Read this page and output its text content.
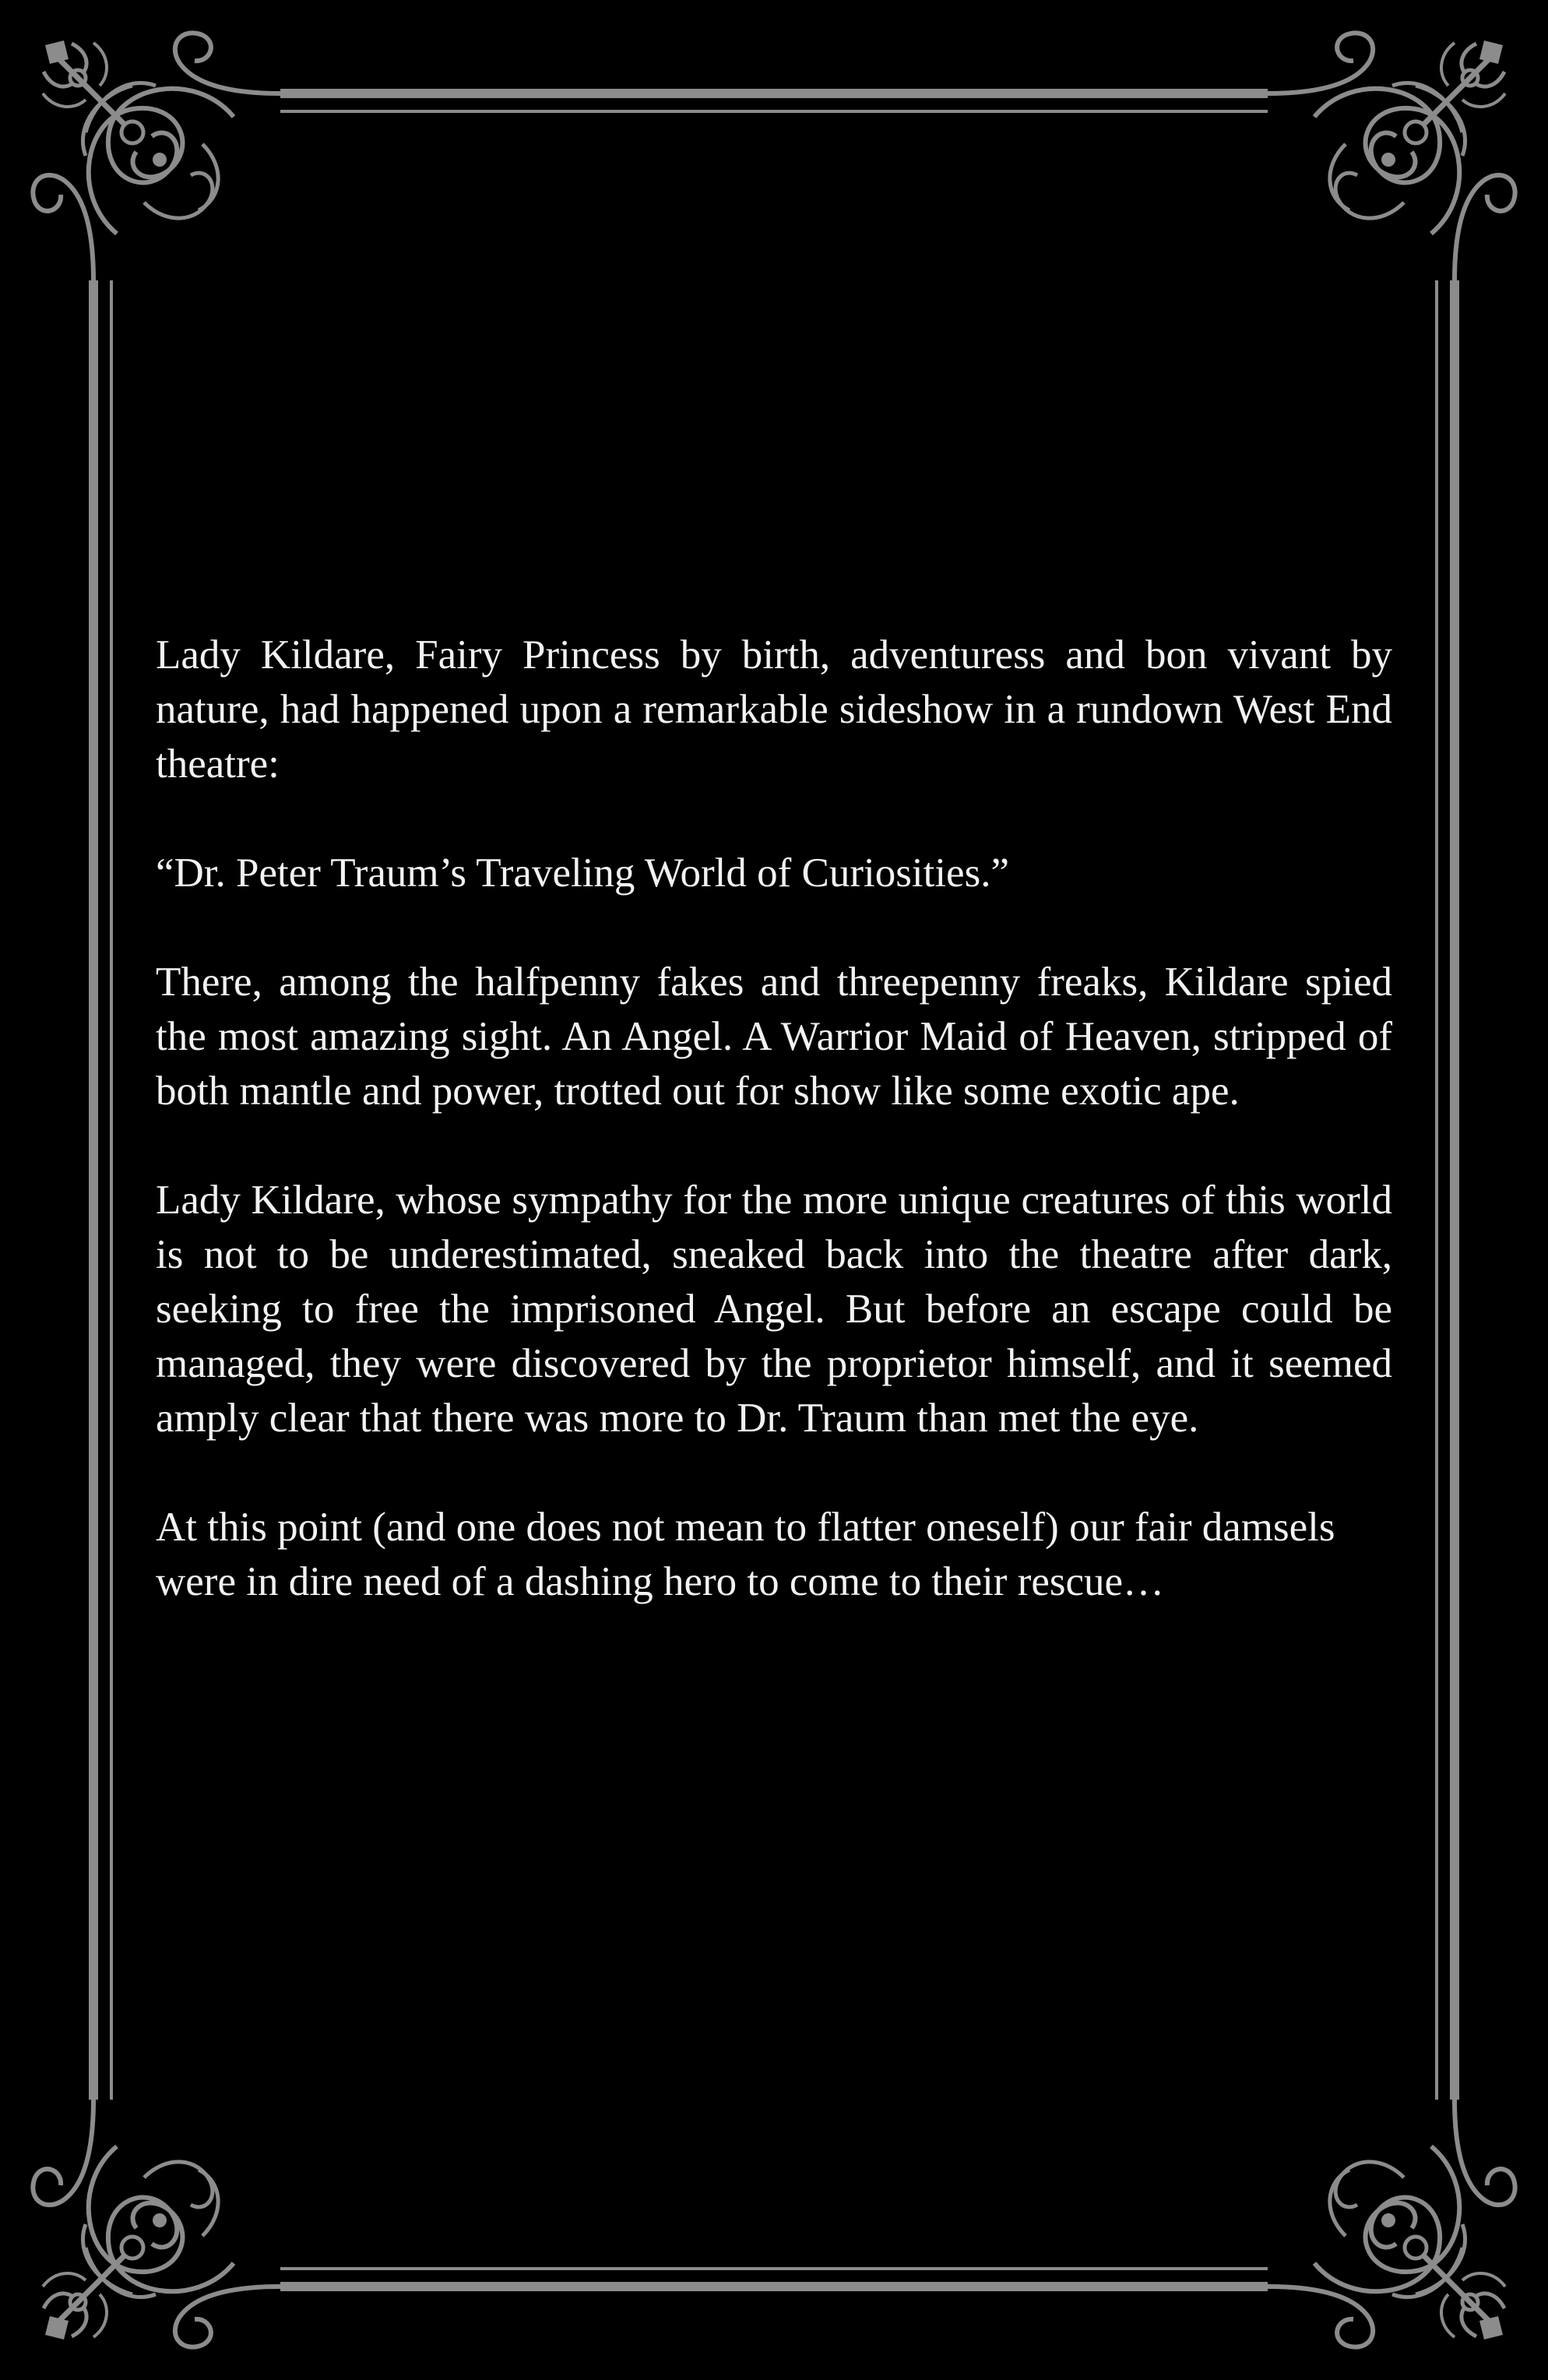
Lady Kildare, Fairy Princess by birth, adventuress and bon vivant by nature, had happened upon a remarkable sideshow in a rundown West End theatre:

“Dr. Peter Traum’s Traveling World of Curiosities.”

There, among the halfpenny fakes and threepenny freaks, Kildare spied the most amazing sight. An Angel. A Warrior Maid of Heaven, stripped of both mantle and power, trotted out for show like some exotic ape.

Lady Kildare, whose sympathy for the more unique creatures of this world is not to be underestimated, sneaked back into the theatre after dark, seeking to free the imprisoned Angel. But before an escape could be managed, they were discovered by the proprietor himself, and it seemed amply clear that there was more to Dr. Traum than met the eye.

At this point (and one does not mean to flatter oneself) our fair damsels were in dire need of a dashing hero to come to their rescue…
